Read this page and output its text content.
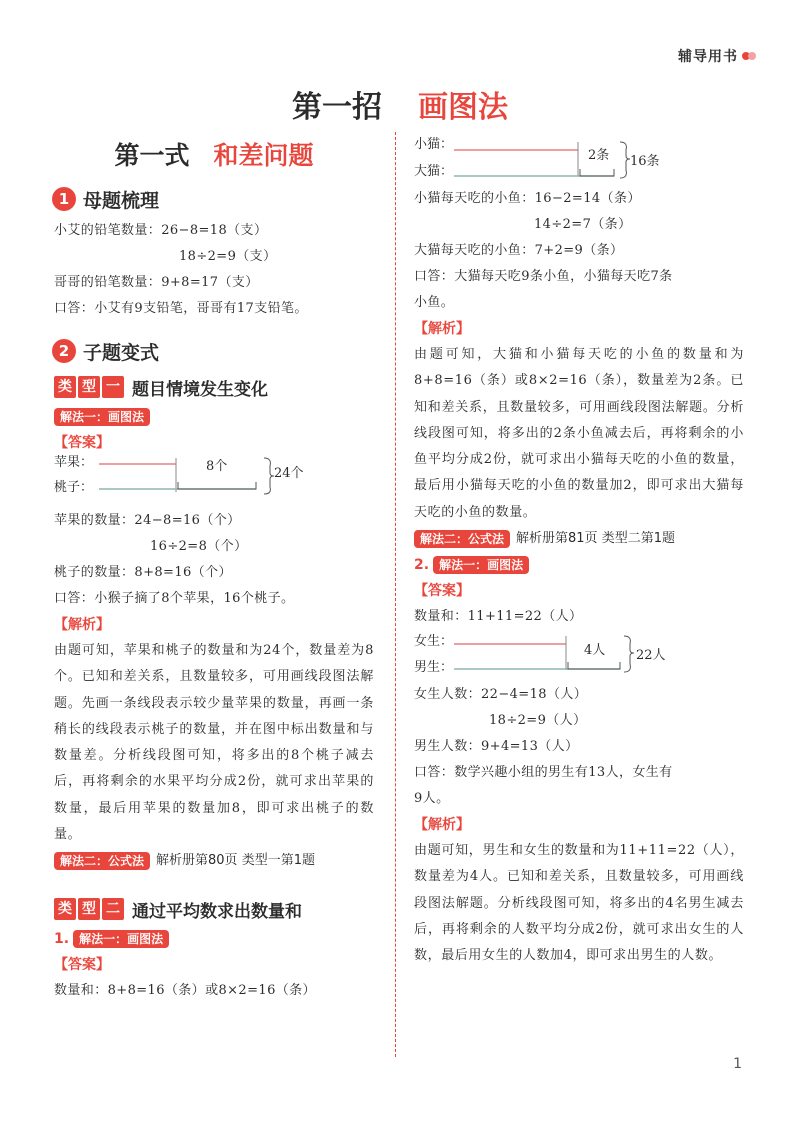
辅导用书
第一招 画图法
第一式 和差问题
1 母题梳理
小艾的铅笔数量：26−8=18（支）
18÷2=9（支）
哥哥的铅笔数量：9+8=17（支）
口答：小艾有9支铅笔，哥哥有17支铅笔。
2 子题变式
类 型 一 题目情境发生变化
解法一：画图法
【答案】
苹果：
桃子：
8个	24个
苹果的数量：24−8=16（个）
16÷2=8（个）
桃子的数量：8+8=16（个）
口答：小猴子摘了8个苹果，16个桃子。
【解析】
由题可知，苹果和桃子的数量和为24个，数量差为8个。已知和差关系，且数量较多，可用画线段图法解题。先画一条线段表示较少量苹果的数量，再画一条稍长的线段表示桃子的数量，并在图中标出数量和与数量差。分析线段图可知，将多出的8个桃子减去后，再将剩余的水果平均分成2份，就可求出苹果的数量，最后用苹果的数量加8，即可求出桃子的数量。
解法二：公式法 解析册第80页 类型一第1题
类 型 二 通过平均数求出数量和
1. 解法一：画图法
【答案】
数量和：8+8=16（条）或8×2=16（条）
小猫：
大猫：
2条 16条
小猫每天吃的小鱼：16−2=14（条）
14÷2=7（条）
大猫每天吃的小鱼：7+2=9（条）
口答：大猫每天吃9条小鱼，小猫每天吃7条
小鱼。
【解析】
由题可知，大猫和小猫每天吃的小鱼的数量和为8+8=16（条）或8×2=16（条），数量差为2条。已知和差关系，且数量较多，可用画线段图法解题。分析线段图可知，将多出的2条小鱼减去后，再将剩余的小鱼平均分成2份，就可求出小猫每天吃的小鱼的数量，最后用小猫每天吃的小鱼的数量加2，即可求出大猫每天吃的小鱼的数量。
解法二：公式法 解析册第81页 类型二第1题
2. 解法一：画图法
【答案】
数量和：11+11=22（人）
女生：
男生：
4人 22人
女生人数：22−4=18（人）
18÷2=9（人）
男生人数：9+4=13（人）
口答：数学兴趣小组的男生有13人，女生有
9人。
【解析】
由题可知，男生和女生的数量和为11+11=22（人），数量差为4人。已知和差关系，且数量较多，可用画线段图法解题。分析线段图可知，将多出的4名男生减去后，再将剩余的人数平均分成2份，就可求出女生的人数，最后用女生的人数加4，即可求出男生的人数。
1
